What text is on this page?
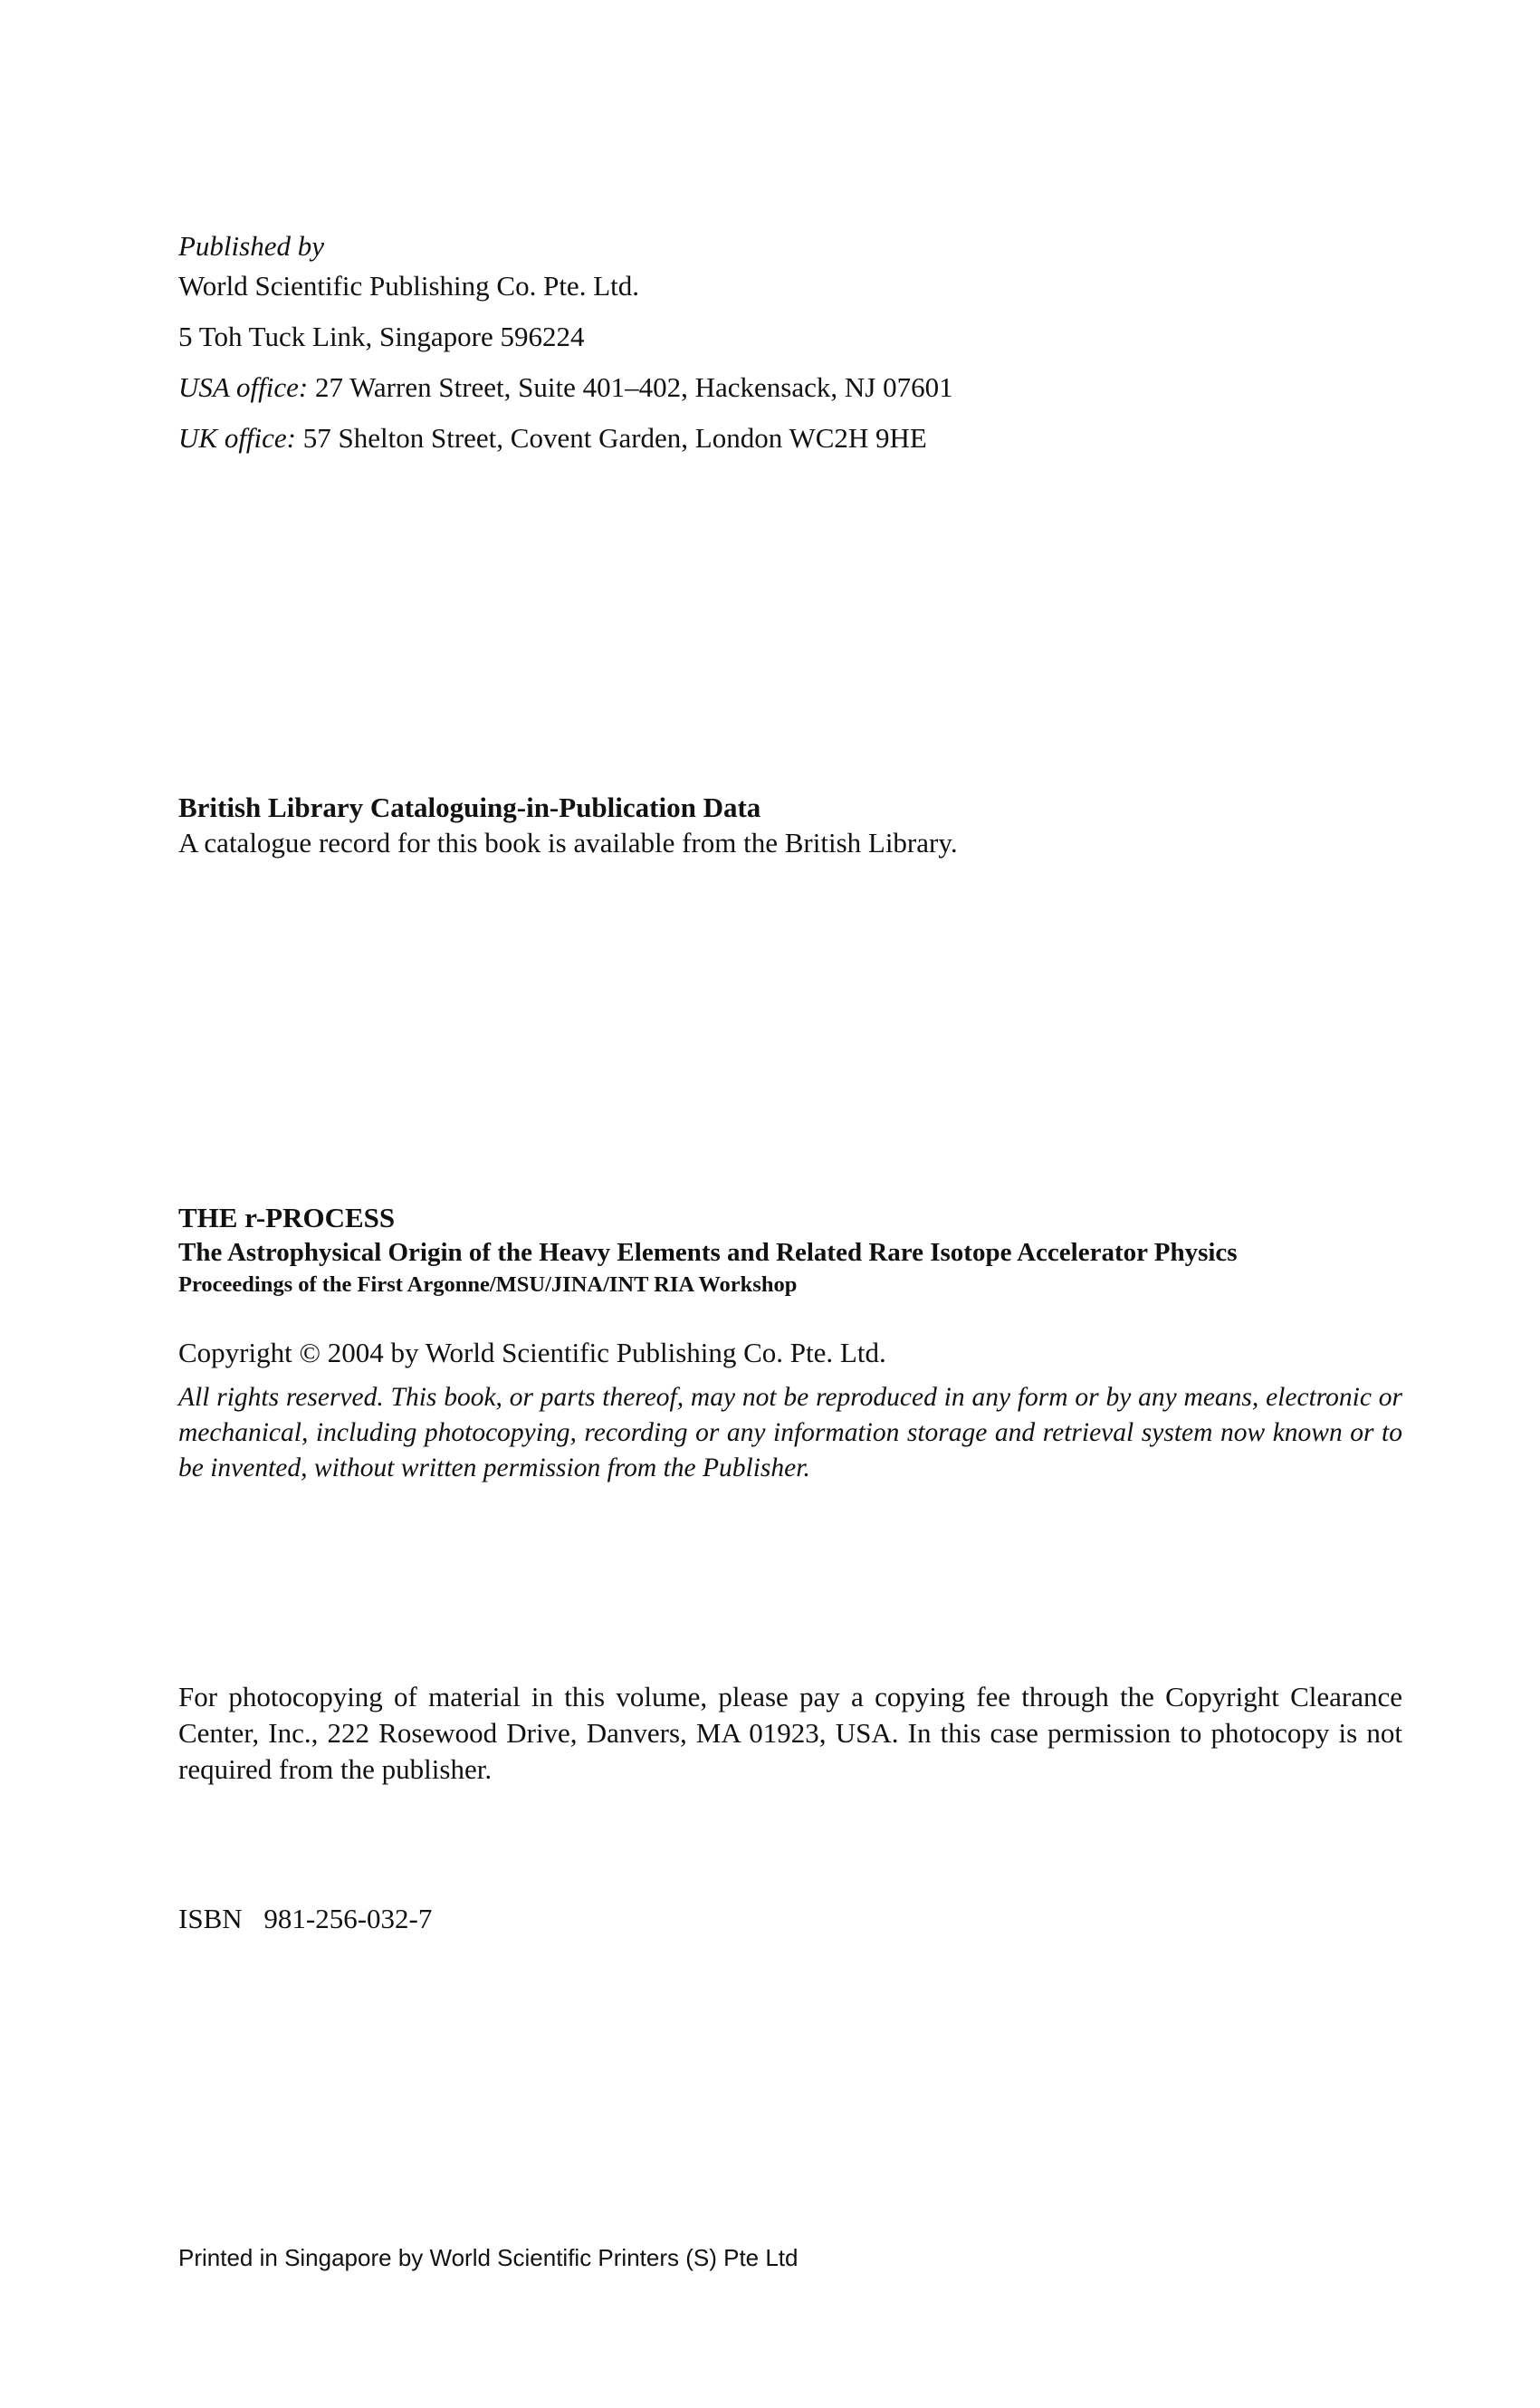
Published by
World Scientific Publishing Co. Pte. Ltd.
5 Toh Tuck Link, Singapore 596224
USA office: 27 Warren Street, Suite 401–402, Hackensack, NJ 07601
UK office: 57 Shelton Street, Covent Garden, London WC2H 9HE
British Library Cataloguing-in-Publication Data
A catalogue record for this book is available from the British Library.
THE r-PROCESS
The Astrophysical Origin of the Heavy Elements and Related Rare Isotope Accelerator Physics
Proceedings of the First Argonne/MSU/JINA/INT RIA Workshop
Copyright © 2004 by World Scientific Publishing Co. Pte. Ltd.
All rights reserved. This book, or parts thereof, may not be reproduced in any form or by any means, electronic or mechanical, including photocopying, recording or any information storage and retrieval system now known or to be invented, without written permission from the Publisher.
For photocopying of material in this volume, please pay a copying fee through the Copyright Clearance Center, Inc., 222 Rosewood Drive, Danvers, MA 01923, USA. In this case permission to photocopy is not required from the publisher.
ISBN 981-256-032-7
Printed in Singapore by World Scientific Printers (S) Pte Ltd
